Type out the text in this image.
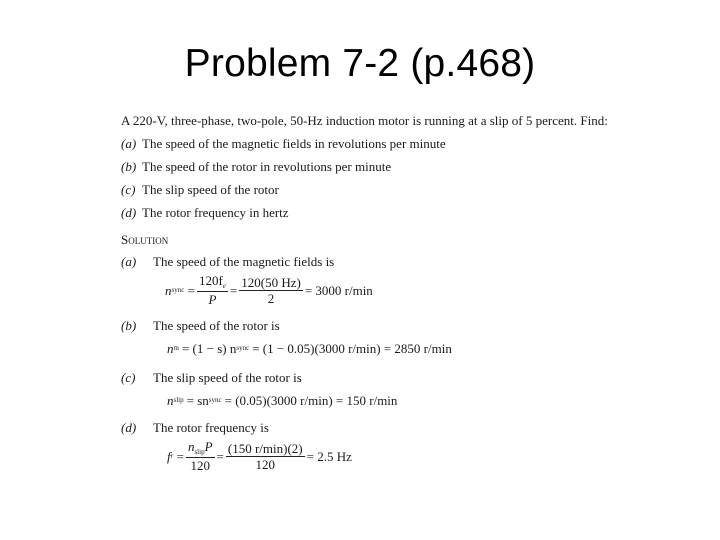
Problem 7-2 (p.468)
A 220-V, three-phase, two-pole, 50-Hz induction motor is running at a slip of 5 percent. Find:
(a) The speed of the magnetic fields in revolutions per minute
(b) The speed of the rotor in revolutions per minute
(c) The slip speed of the rotor
(d) The rotor frequency in hertz
Solution
(a) The speed of the magnetic fields is
n sync = $\frac{120f_e}{P} = \frac{120(50 Hz)}{2} = 3000$ r/min
(b) The speed of the rotor is
n m = (1 − s) n sync = (1 − 0.05)(3000 r/min) = 2850 r/min
(c) The slip speed of the rotor is
n slip = sn sync = (0.05)(3000 r/min) = 150 r/min
(d) The rotor frequency is
f $r = \frac{n_{slip}P}{120} = \frac{(150 r/\min)(2)}{120} = 2.5$ Hz
